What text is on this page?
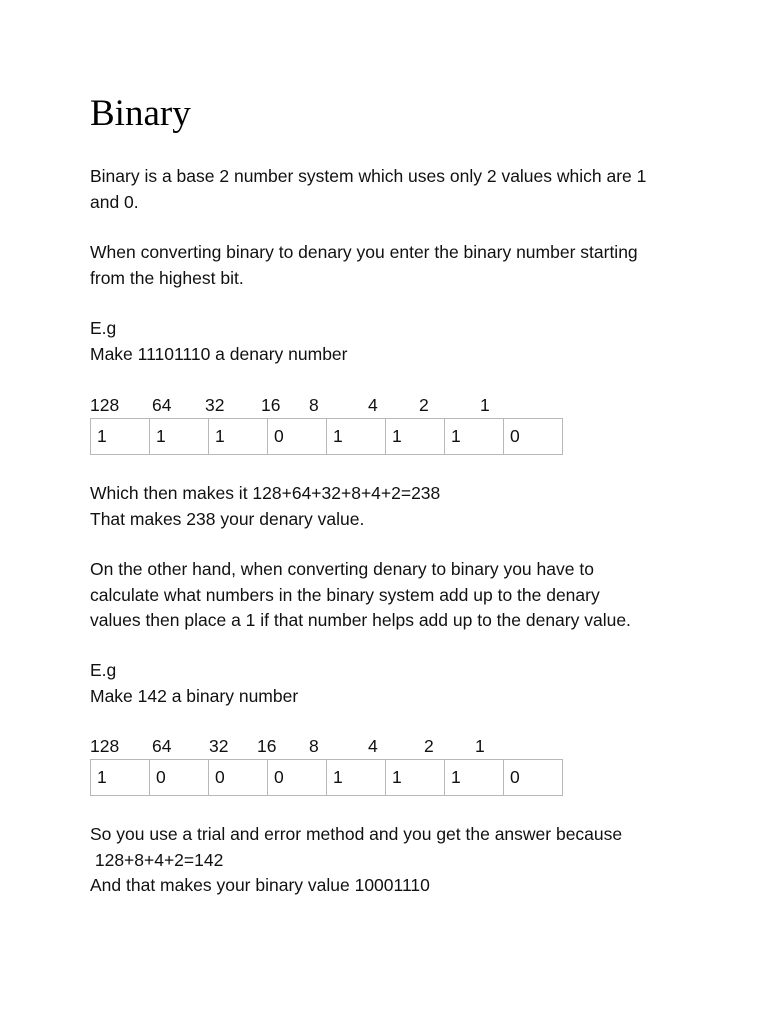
Binary

Binary is a base 2 number system which uses only 2 values which are 1
and 0.

When converting binary to denary you enter the binary number starting
from the highest bit.

E.g
Make 11101110 a denary number

128 64 32 16 8	4 2	1
1	1	1	0	1	1	1	0

Which then makes it 128+64+32+8+4+2=238
That makes 238 your denary value.

On the other hand, when converting denary to binary you have to
calculate what numbers in the binary system add up to the denary
values then place a 1 if that number helps add up to the denary value.

E.g
Make 142 a binary number

128 64 32 16 8	4	2 1
1	0	0	0	1	1	1	0

So you use a trial and error method and you get the answer because
128+8+4+2=142
And that makes your binary value 10001110
